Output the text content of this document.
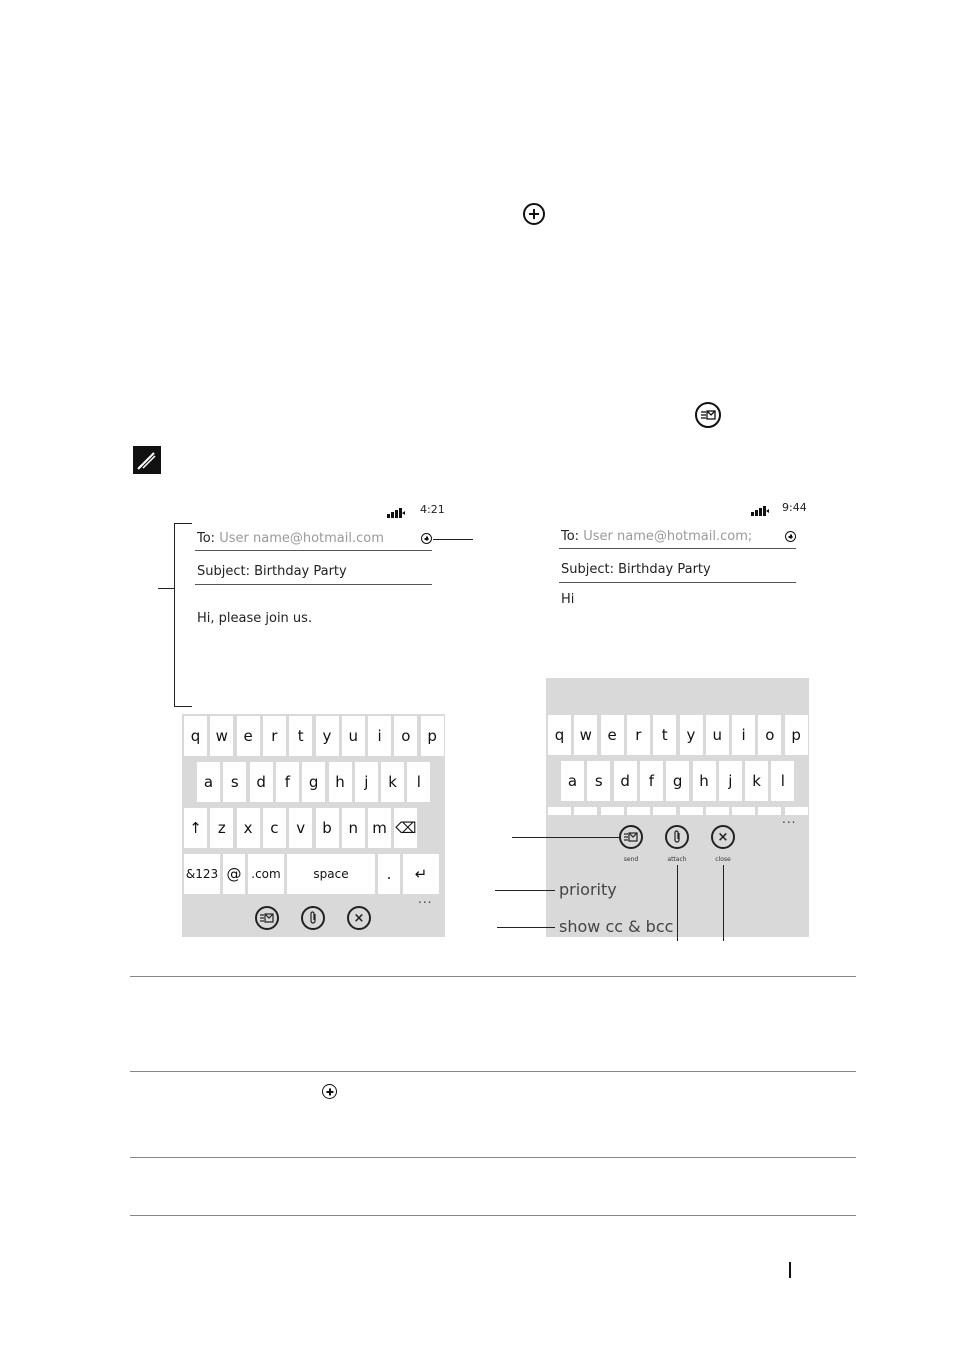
4:21
To: User name@hotmail.com
Subject: Birthday Party
Hi, please join us.
q	w	e	r	t	y	u	i	o	p
a	s	d	f	g	h	j	k	l
↑	z	x	c	v	b	n m ⌫
&123 @ .com	space	.	↵
×
...
9:44
To: User name@hotmail.com;
Subject: Birthday Party
Hi
q	w	e	r	t	y	u	i	o	p
a	s	d	f	g	h	j	k	l
send	attach
×
close
...
priority
show cc & bcc
